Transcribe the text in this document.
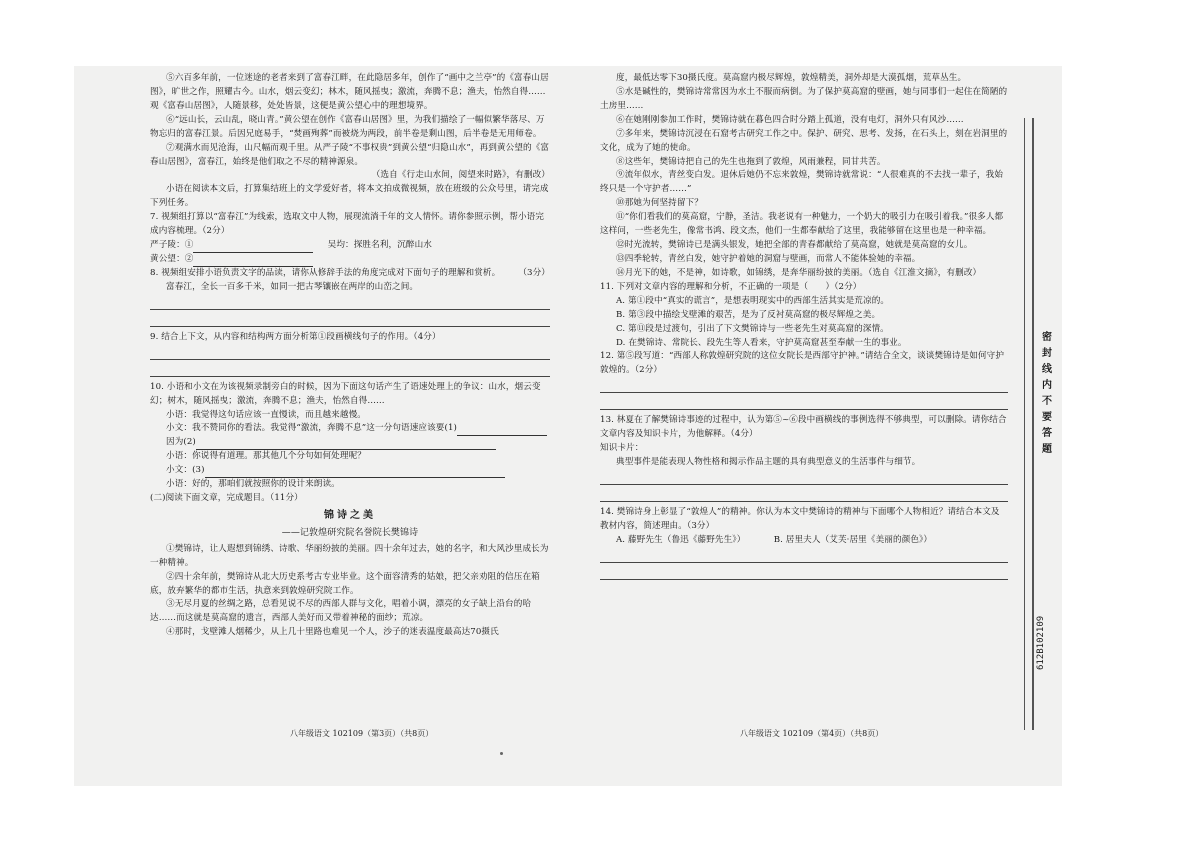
⑤六百多年前，一位迷途的老者来到了富春江畔，在此隐居多年，创作了“画中之兰亭”的《富春山居图》，旷世之作，照耀古今。山水，烟云变幻；林木，随风摇曳；激流，奔腾不息；渔夫，怡然自得……观《富春山居图》，人随景移，处处皆景，这便是黄公望心中的理想境界。

⑥“远山长，云山乱，晓山青。”黄公望在创作《富春山居图》里，为我们描绘了一幅似繁华落尽、万物忘归的富春江景。后因兄庭易手，“焚画殉葬”而被烧为两段，前半卷是剩山图，后半卷是无用师卷。

⑦观满水而见沧海，山尺幅而观千里。从严子陵“不事权贵”到黄公望“归隐山水”，再到黄公望的《富春山居图》，富春江，始终是他们取之不尽的精神源泉。

（选自《行走山水间，阅望来时路》，有删改）

小语在阅读本文后，打算集结班上的文学爱好者，将本文拍成微视频，放在班级的公众号里，请完成下列任务。

7. 视频组打算以“富春江”为线索，选取文中人物，展现流淌千年的文人情怀。请你参照示例，帮小语完成内容梳理。（2分）

严子陵：①	吴均：探胜名利，沉醉山水

黄公望：②

8. 视频组安排小语负责文字的品读，请你从修辞手法的角度完成对下面句子的理解和赏析。 （3分）

富春江，全长一百多千米，如同一把古琴镶嵌在两岸的山峦之间。

9. 结合上下文，从内容和结构两方面分析第①段画横线句子的作用。（4分）

10. 小语和小文在为该视频录制旁白的时候，因为下面这句话产生了语速处理上的争议：山水，烟云变幻；树木，随风摇曳；激流，奔腾不息；渔夫，怡然自得……

小语：我觉得这句话应该一直慢读，而且越来越慢。

小文：我不赞同你的看法。我觉得“激流，奔腾不息”这一分句语速应该要(1)

因为(2)

小语：你说得有道理。那其他几个分句如何处理呢？

小文：(3)

小语：好的，那咱们就按照你的设计来朗读。

(二)阅读下面文章，完成题目。（11分）

锦诗之美

——记敦煌研究院名誉院长樊锦诗

①樊锦诗，让人遐想到锦绣、诗歌、华丽纷披的美丽。四十余年过去，她的名字，和大风沙里成长为一种精神。

②四十余年前，樊锦诗从北大历史系考古专业毕业。这个面容清秀的姑娘，把父亲劝阻的信压在箱底，放弃繁华的都市生活，执意来到敦煌研究院工作。

③无尽月夏的丝绸之路，总看见说不尽的西部人群与文化，唱着小调，漂亮的女子缺上沿台的哈达……而这就是莫高窟的遗言，西部人美好而又带着神秘的面纱；荒凉。

④那时，戈壁滩人烟稀少，从上几十里路也难见一个人，沙子的迷表温度最高达70摄氏

八年级语文 102109（第3页）（共8页）

度，最低达零下30摄氏度。莫高窟内极尽辉煌，敦煌精美，洞外却是大漠孤烟，荒草丛生。

⑤水是碱性的，樊锦诗常常因为水土不服而病倒。为了保护莫高窟的壁画，她与同事们一起住在简陋的土房里……

⑥在她刚刚参加工作时，樊锦诗就在暮色四合时分踏上孤道，没有电灯，洞外只有风沙……

⑦多年来，樊锦诗沉浸在石窟考古研究工作之中。保护、研究、思考、发扬，在石头上，刻在岩洞里的文化，成为了她的使命。

⑧这些年，樊锦诗把自己的先生也拖到了敦煌，风雨兼程，同甘共苦。

⑨流年似水，青丝变白发。退休后她仍不忘来敦煌，樊锦诗就常说：“人很难真的不去找一辈子，我始终只是一个守护者……”

⑩那她为何坚持留下？

⑪“你们看我们的莫高窟，宁静，圣洁。我老说有一种魅力，一个奶大的吸引力在吸引着我。”很多人都这样问，一些老先生，像常书鸿、段文杰，他们一生都奉献给了这里，我能够留在这里也是一种幸福。

⑫时光流转，樊锦诗已是满头银发，她把全部的青春都献给了莫高窟，她就是莫高窟的女儿。

⑬四季轮转，青丝白发，她守护着她的洞窟与壁画，而常人不能体验她的幸福。

⑭月光下的她，不是神，如诗歌，如锦绣，是奔华丽纷披的美丽。（选自《江淮文摘》，有删改）

11. 下列对文章内容的理解和分析，不正确的一项是（　　）（2分）

A. 第①段中“真实的谎言”，是想表明现实中的西部生活其实是荒凉的。

B. 第③段中描绘戈壁滩的艰苦，是为了反衬莫高窟的极尽辉煌之美。

C. 第⑪段是过渡句，引出了下文樊锦诗与一些老先生对莫高窟的深情。

D. 在樊锦诗、常院长、段先生等人看来，守护莫高窟甚至奉献一生的事业。

12. 第⑤段写道：“西部人称敦煌研究院的这位女院长是西部守护神。”请结合全文，谈谈樊锦诗是如何守护敦煌的。（2分）

13. 林夏在了解樊锦诗事迹的过程中，认为第⑤~⑥段中画横线的事例选得不够典型，可以删除。请你结合文章内容及知识卡片，为他解释。（4分）

知识卡片：

典型事件是能表现人物性格和揭示作品主题的具有典型意义的生活事件与细节。

14. 樊锦诗身上彰显了“敦煌人”的精神。你认为本文中樊锦诗的精神与下面哪个人物相近？请结合本文及教材内容，简述理由。（3分）

A. 藤野先生（鲁迅《藤野先生》）	B. 居里夫人（艾芙·居里《美丽的颜色》）

八年级语文 102109（第4页）（共8页）
密封线内不要答题
612B102109
